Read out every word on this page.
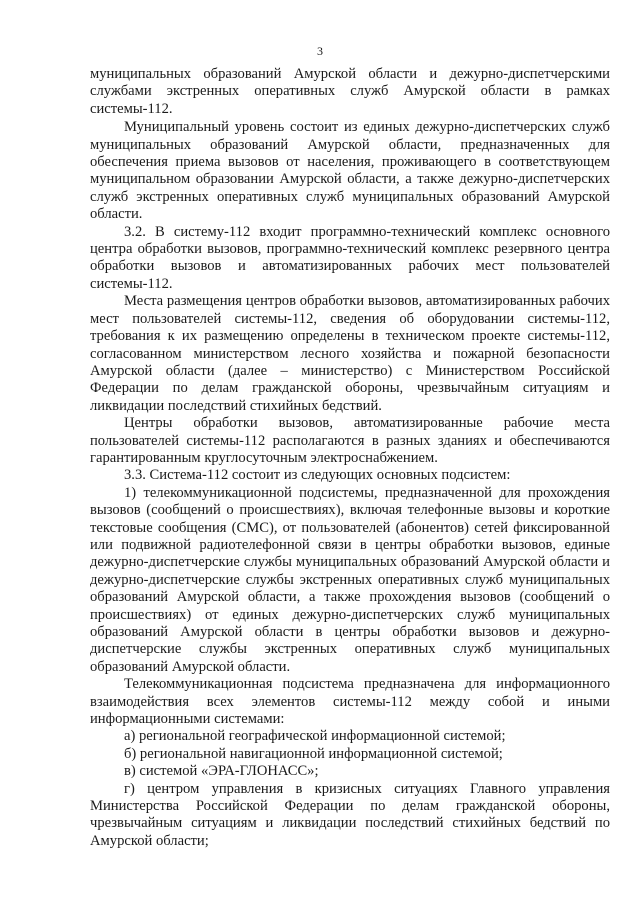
3

муниципальных образований Амурской области и дежурно-диспетчерскими службами экстренных оперативных служб Амурской области в рамках системы-112.

Муниципальный уровень состоит из единых дежурно-диспетчерских служб муниципальных образований Амурской области, предназначенных для обеспечения приема вызовов от населения, проживающего в соответствующем муниципальном образовании Амурской области, а также дежурно-диспетчерских служб экстренных оперативных служб муниципальных образований Амурской области.

3.2. В систему-112 входит программно-технический комплекс основного центра обработки вызовов, программно-технический комплекс резервного центра обработки вызовов и автоматизированных рабочих мест пользователей системы-112.

Места размещения центров обработки вызовов, автоматизированных рабочих мест пользователей системы-112, сведения об оборудовании системы-112, требования к их размещению определены в техническом проекте системы-112, согласованном министерством лесного хозяйства и пожарной безопасности Амурской области (далее – министерство) с Министерством Российской Федерации по делам гражданской обороны, чрезвычайным ситуациям и ликвидации последствий стихийных бедствий.

Центры обработки вызовов, автоматизированные рабочие места пользователей системы-112 располагаются в разных зданиях и обеспечиваются гарантированным круглосуточным электроснабжением.

3.3. Система-112 состоит из следующих основных подсистем:

1) телекоммуникационной подсистемы, предназначенной для прохождения вызовов (сообщений о происшествиях), включая телефонные вызовы и короткие текстовые сообщения (СМС), от пользователей (абонентов) сетей фиксированной или подвижной радиотелефонной связи в центры обработки вызовов, единые дежурно-диспетчерские службы муниципальных образований Амурской области и дежурно-диспетчерские службы экстренных оперативных служб муниципальных образований Амурской области, а также прохождения вызовов (сообщений о происшествиях) от единых дежурно-диспетчерских служб муниципальных образований Амурской области в центры обработки вызовов и дежурно-диспетчерские службы экстренных оперативных служб муниципальных образований Амурской области.

Телекоммуникационная подсистема предназначена для информационного взаимодействия всех элементов системы-112 между собой и иными информационными системами:

а) региональной географической информационной системой;

б) региональной навигационной информационной системой;

в) системой «ЭРА-ГЛОНАСС»;

г) центром управления в кризисных ситуациях Главного управления Министерства Российской Федерации по делам гражданской обороны, чрезвычайным ситуациям и ликвидации последствий стихийных бедствий по Амурской области;
